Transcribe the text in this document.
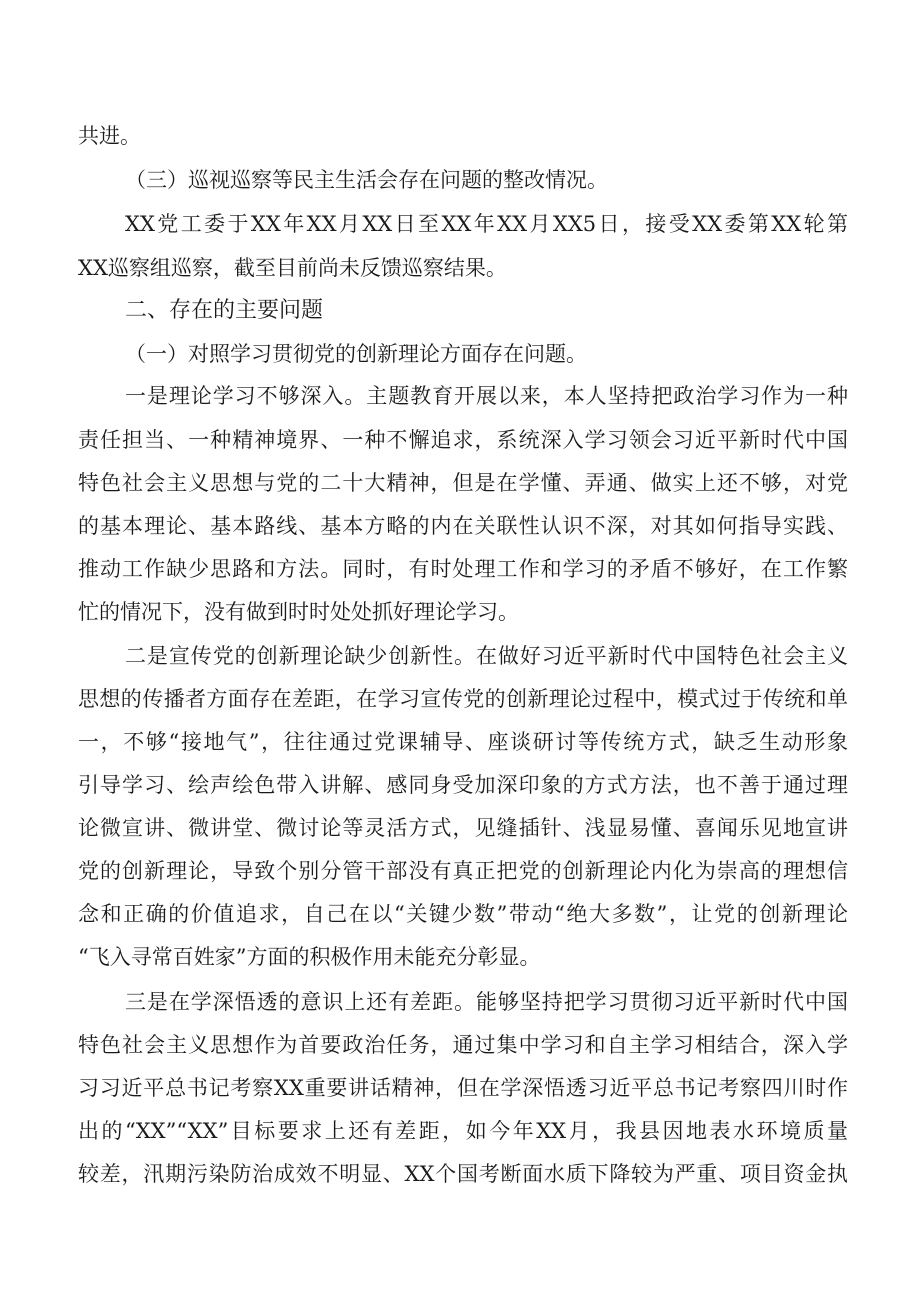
共进。
（三）巡视巡察等民主生活会存在问题的整改情况。
XX党工委于XX年XX月XX日至XX年XX月XX5日，接受XX委第XX轮第
XX巡察组巡察，截至目前尚未反馈巡察结果。
二、存在的主要问题
（一）对照学习贯彻党的创新理论方面存在问题。
一是理论学习不够深入。主题教育开展以来，本人坚持把政治学习作为一种
责任担当、一种精神境界、一种不懈追求，系统深入学习领会习近平新时代中国
特色社会主义思想与党的二十大精神，但是在学懂、弄通、做实上还不够，对党
的基本理论、基本路线、基本方略的内在关联性认识不深，对其如何指导实践、
推动工作缺少思路和方法。同时，有时处理工作和学习的矛盾不够好，在工作繁
忙的情况下，没有做到时时处处抓好理论学习。
二是宣传党的创新理论缺少创新性。在做好习近平新时代中国特色社会主义
思想的传播者方面存在差距，在学习宣传党的创新理论过程中，模式过于传统和单
一，不够“接地气”，往往通过党课辅导、座谈研讨等传统方式，缺乏生动形象
引导学习、绘声绘色带入讲解、感同身受加深印象的方式方法，也不善于通过理
论微宣讲、微讲堂、微讨论等灵活方式，见缝插针、浅显易懂、喜闻乐见地宣讲
党的创新理论，导致个别分管干部没有真正把党的创新理论内化为崇高的理想信
念和正确的价值追求，自己在以“关键少数”带动“绝大多数”，让党的创新理论
“飞入寻常百姓家”方面的积极作用未能充分彰显。
三是在学深悟透的意识上还有差距。能够坚持把学习贯彻习近平新时代中国
特色社会主义思想作为首要政治任务，通过集中学习和自主学习相结合，深入学
习习近平总书记考察XX重要讲话精神，但在学深悟透习近平总书记考察四川时作
出的“XX”“XX”目标要求上还有差距，如今年XX月，我县因地表水环境质量
较差，汛期污染防治成效不明显、XX个国考断面水质下降较为严重、项目资金执
